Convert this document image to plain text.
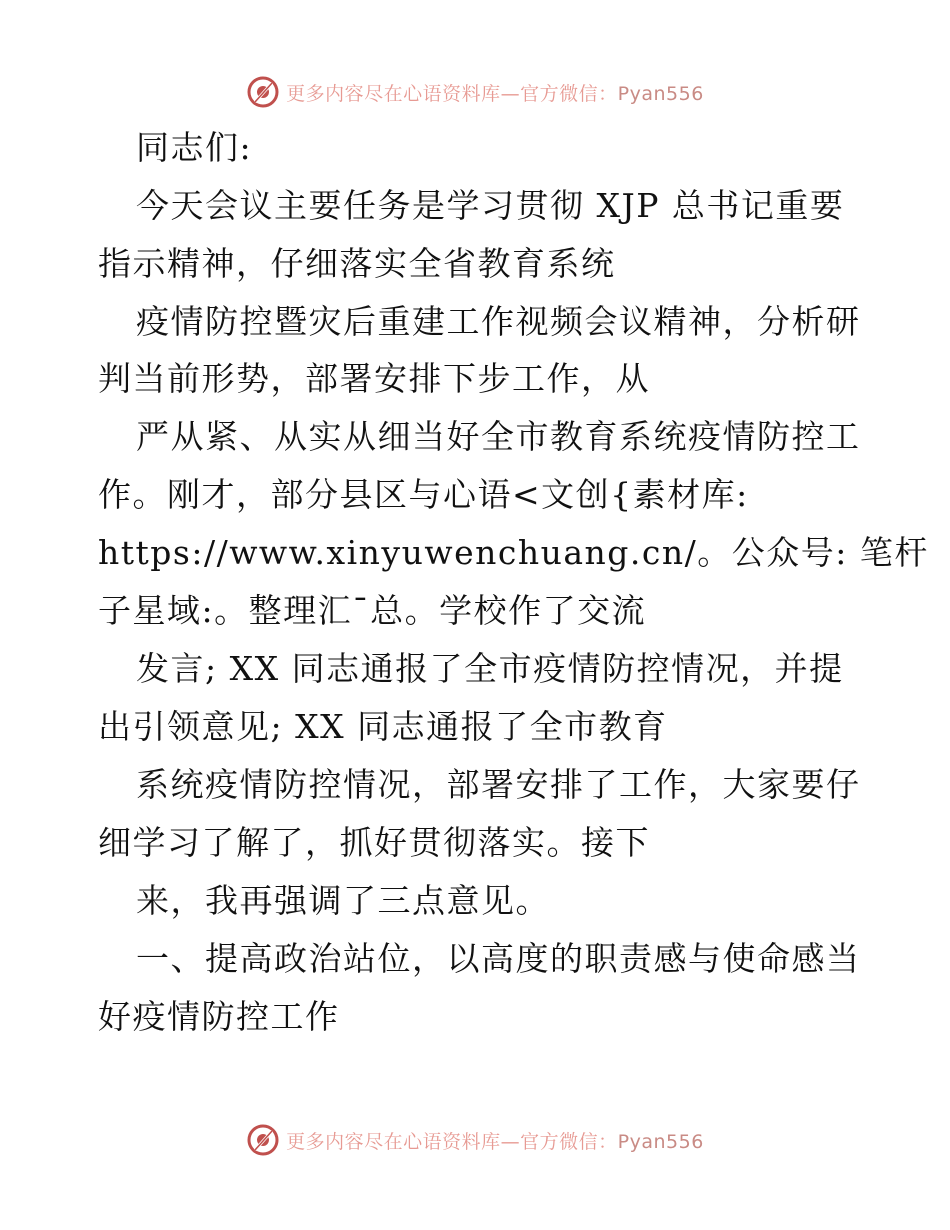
更多内容尽在心语资料库—官方微信：Pyan556
同志们:
今天会议主要任务是学习贯彻 XJP 总书记重要
指示精神，仔细落实全省教育系统
疫情防控暨灾后重建工作视频会议精神，分析研
判当前形势，部署安排下步工作，从
严从紧、从实从细当好全市教育系统疫情防控工
作。刚才，部分县区与心语<文创{素材库:
https://www.xinyuwenchuang.cn/。公众号: 笔杆
子星域:。整理汇¯总。学校作了交流
发言; XX 同志通报了全市疫情防控情况，并提
出引领意见; XX 同志通报了全市教育
系统疫情防控情况，部署安排了工作，大家要仔
细学习了解了，抓好贯彻落实。接下
来，我再强调了三点意见。
一、提高政治站位，以高度的职责感与使命感当
好疫情防控工作
更多内容尽在心语资料库—官方微信：Pyan556
